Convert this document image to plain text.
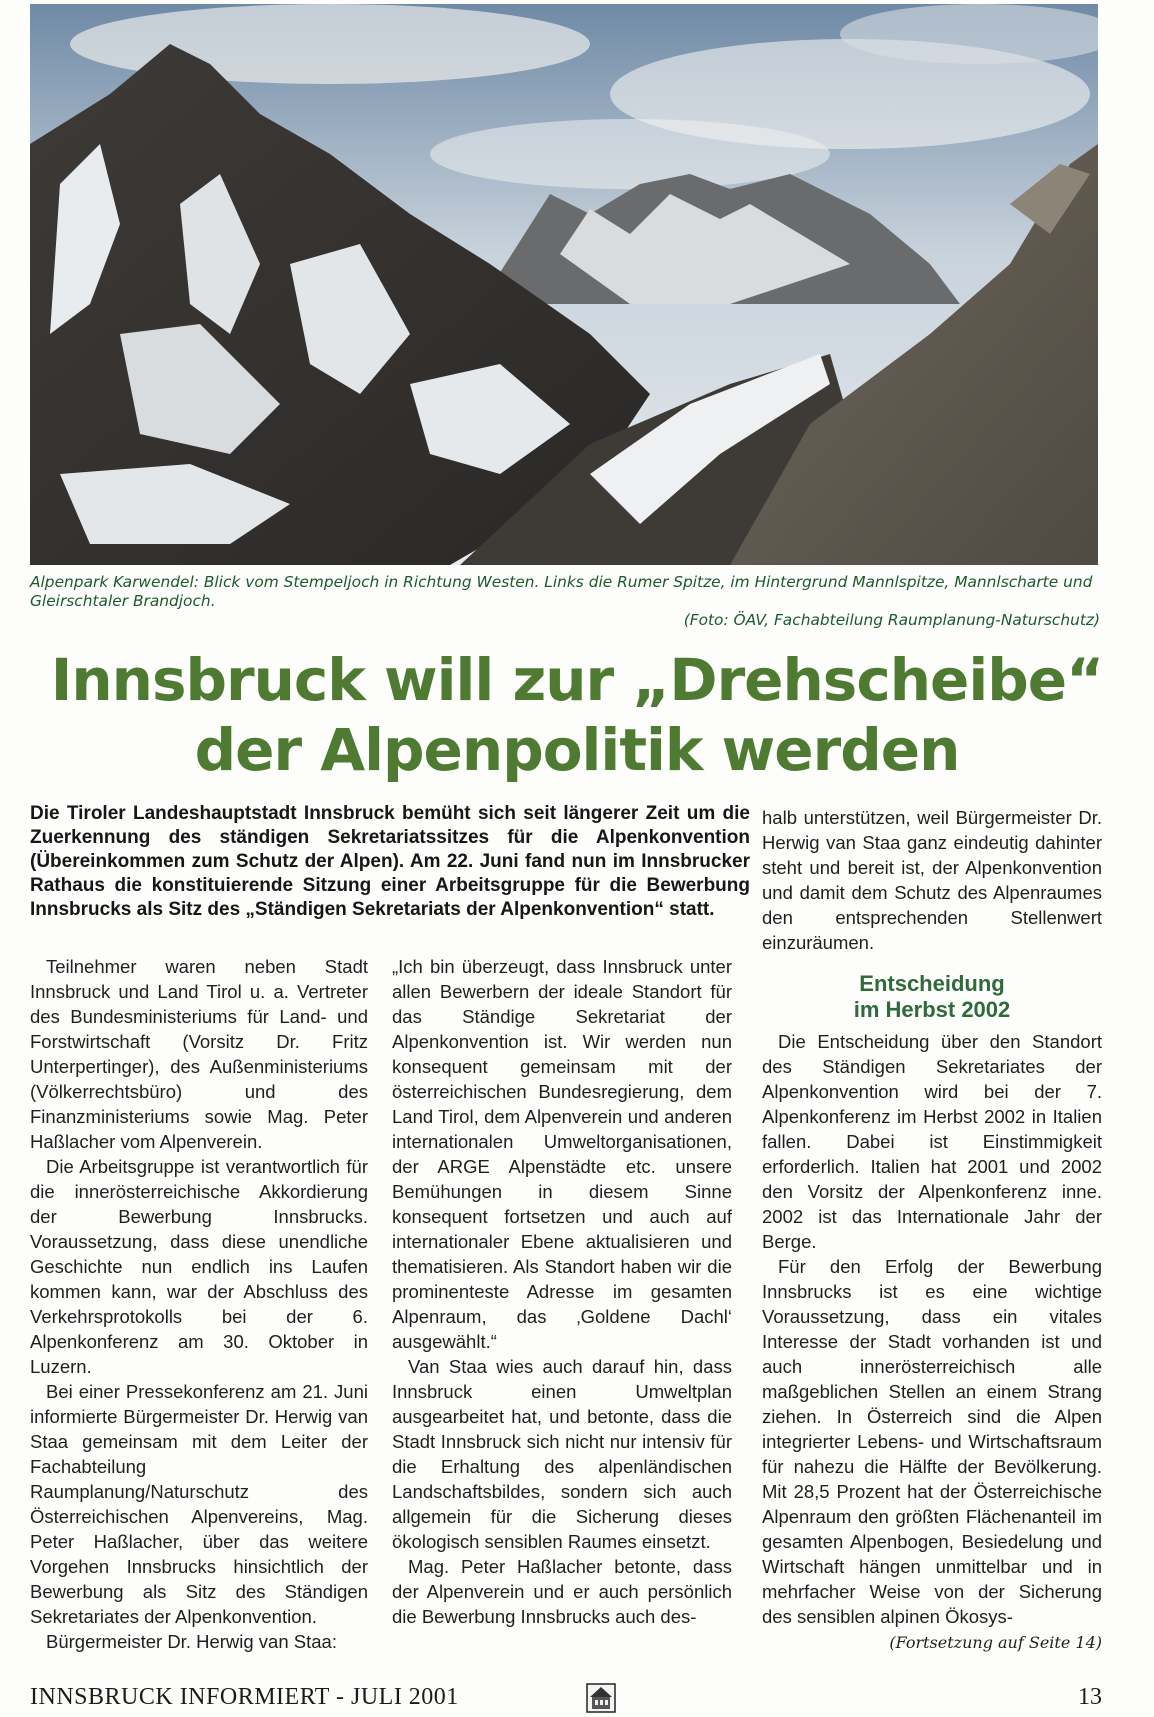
Alpenpark Karwendel: Blick vom Stempeljoch in Richtung Westen. Links die Rumer Spitze, im Hintergrund Mannlspitze, Mannlscharte und Gleirschtaler Brandjoch.
(Foto: ÖAV, Fachabteilung Raumplanung-Naturschutz)
Innsbruck will zur „Drehscheibe“
der Alpenpolitik werden
Die Tiroler Landeshauptstadt Innsbruck bemüht sich seit längerer Zeit um die Zuerkennung des ständigen Sekretariatssitzes für die Alpenkonvention (Übereinkommen zum Schutz der Alpen). Am 22. Juni fand nun im Innsbrucker Rathaus die konstituierende Sitzung einer Arbeitsgruppe für die Bewerbung Innsbrucks als Sitz des „Ständigen Sekretariats der Alpenkonvention“ statt.

Teilnehmer waren neben Stadt Innsbruck und Land Tirol u. a. Vertreter des Bundesministeriums für Land- und Forstwirtschaft (Vorsitz Dr. Fritz Unterpertinger), des Außenministeriums (Völkerrechtsbüro) und des Finanzministeriums sowie Mag. Peter Haßlacher vom Alpenverein.

Die Arbeitsgruppe ist verantwortlich für die innerösterreichische Akkordierung der Bewerbung Innsbrucks. Voraussetzung, dass diese unendliche Geschichte nun endlich ins Laufen kommen kann, war der Abschluss des Verkehrsprotokolls bei der 6. Alpenkonferenz am 30. Oktober in Luzern.

Bei einer Pressekonferenz am 21. Juni informierte Bürgermeister Dr. Herwig van Staa gemeinsam mit dem Leiter der Fachabteilung Raumplanung/Naturschutz des Österreichischen Alpenvereins, Mag. Peter Haßlacher, über das weitere Vorgehen Innsbrucks hinsichtlich der Bewerbung als Sitz des Ständigen Sekretariates der Alpenkonvention.

Bürgermeister Dr. Herwig van Staa:

„Ich bin überzeugt, dass Innsbruck unter allen Bewerbern der ideale Standort für das Ständige Sekretariat der Alpenkonvention ist. Wir werden nun konsequent gemeinsam mit der österreichischen Bundesregierung, dem Land Tirol, dem Alpenverein und anderen internationalen Umweltorganisationen, der ARGE Alpenstädte etc. unsere Bemühungen in diesem Sinne konsequent fortsetzen und auch auf internationaler Ebene aktualisieren und thematisieren. Als Standort haben wir die prominenteste Adresse im gesamten Alpenraum, das ‚Goldene Dachl‘ ausgewählt.“

Van Staa wies auch darauf hin, dass Innsbruck einen Umweltplan ausgearbeitet hat, und betonte, dass die Stadt Innsbruck sich nicht nur intensiv für die Erhaltung des alpenländischen Landschaftsbildes, sondern sich auch allgemein für die Sicherung dieses ökologisch sensiblen Raumes einsetzt.

Mag. Peter Haßlacher betonte, dass der Alpenverein und er auch persönlich die Bewerbung Innsbrucks auch des-

halb unterstützen, weil Bürgermeister Dr. Herwig van Staa ganz eindeutig dahinter steht und bereit ist, der Alpenkonvention und damit dem Schutz des Alpenraumes den entsprechenden Stellenwert einzuräumen.

Entscheidung
im Herbst 2002

Die Entscheidung über den Standort des Ständigen Sekretariates der Alpenkonvention wird bei der 7. Alpenkonferenz im Herbst 2002 in Italien fallen. Dabei ist Einstimmigkeit erforderlich. Italien hat 2001 und 2002 den Vorsitz der Alpenkonferenz inne. 2002 ist das Internationale Jahr der Berge.

Für den Erfolg der Bewerbung Innsbrucks ist es eine wichtige Voraussetzung, dass ein vitales Interesse der Stadt vorhanden ist und auch innerösterreichisch alle maßgeblichen Stellen an einem Strang ziehen. In Österreich sind die Alpen integrierter Lebens- und Wirtschaftsraum für nahezu die Hälfte der Bevölkerung. Mit 28,5 Prozent hat der Österreichische Alpenraum den größten Flächenanteil im gesamten Alpenbogen, Besiedelung und Wirtschaft hängen unmittelbar und in mehrfacher Weise von der Sicherung des sensiblen alpinen Ökosys-

(Fortsetzung auf Seite 14)
INNSBRUCK INFORMIERT - JULI 2001	13
